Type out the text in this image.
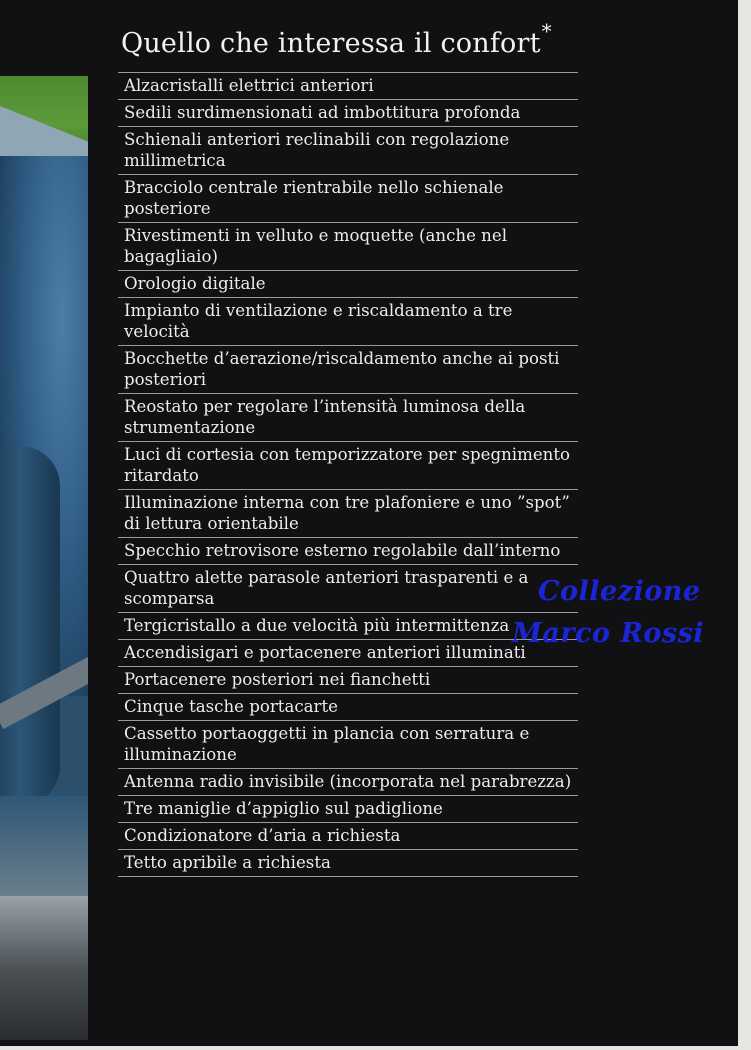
Quello che interessa il confort*
Alzacristalli elettrici anteriori
Sedili surdimensionati ad imbottitura profonda
Schienali anteriori reclinabili con regolazione millimetrica
Bracciolo centrale rientrabile nello schienale posteriore
Rivestimenti in velluto e moquette (anche nel bagagliaio)
Orologio digitale
Impianto di ventilazione e riscaldamento a tre velocità
Bocchette d’aerazione/riscaldamento anche ai posti posteriori
Reostato per regolare l’intensità luminosa della strumentazione
Luci di cortesia con temporizzatore per spegnimento ritardato
Illuminazione interna con tre plafoniere e uno ”spot” di lettura orientabile
Specchio retrovisore esterno regolabile dall’interno
Quattro alette parasole anteriori trasparenti e a scomparsa
Tergicristallo a due velocità più intermittenza
Accendisigari e portacenere anteriori illuminati
Portacenere posteriori nei fianchetti
Cinque tasche portacarte
Cassetto portaoggetti in plancia con serratura e illuminazione
Antenna radio invisibile (incorporata nel parabrezza)
Tre maniglie d’appiglio sul padiglione
Condizionatore d’aria a richiesta
Tetto apribile a richiesta
Collezione
Marco Rossi
